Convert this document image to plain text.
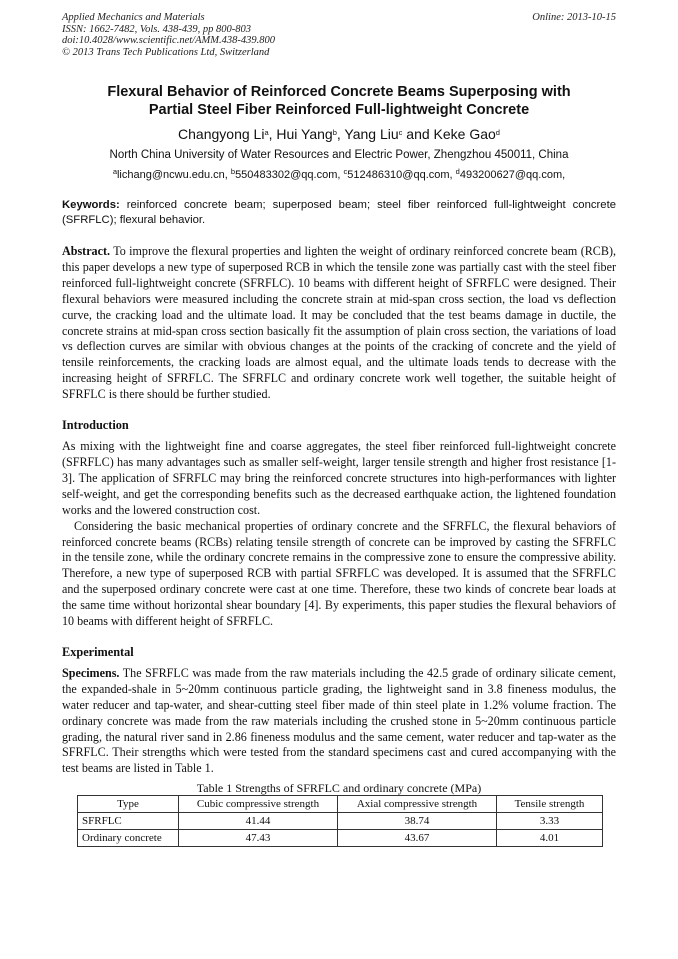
Applied Mechanics and Materials
ISSN: 1662-7482, Vols. 438-439, pp 800-803
doi:10.4028/www.scientific.net/AMM.438-439.800
© 2013 Trans Tech Publications Ltd, Switzerland
Online: 2013-10-15
Flexural Behavior of Reinforced Concrete Beams Superposing with
Partial Steel Fiber Reinforced Full-lightweight Concrete
Changyong Li$^a$, Hui Yang$^b$, Yang Liu$^c$ and Keke Gao$^d$
North China University of Water Resources and Electric Power, Zhengzhou 450011, China
$^a$lichang@ncwu.edu.cn, $^b$550483302@qq.com, $^c$512486310@qq.com, $^d$493200627@qq.com,
Keywords: reinforced concrete beam; superposed beam; steel fiber reinforced full-lightweight concrete (SFRFLC); flexural behavior.

Abstract. To improve the flexural properties and lighten the weight of ordinary reinforced concrete beam (RCB), this paper develops a new type of superposed RCB in which the tensile zone was partially cast with the steel fiber reinforced full-lightweight concrete (SFRFLC). 10 beams with different height of SFRFLC were designed. Their flexural behaviors were measured including the concrete strain at mid-span cross section, the load vs deflection curve, the cracking load and the ultimate load. It may be concluded that the test beams damage in ductile, the concrete strains at mid-span cross section basically fit the assumption of plain cross section, the variations of load vs deflection curves are similar with obvious changes at the points of the cracking of concrete and the yield of tensile reinforcements, the cracking loads are almost equal, and the ultimate loads tends to decrease with the increasing height of SFRFLC. The SFRFLC and ordinary concrete work well together, the suitable height of SFRFLC is there should be further studied.

Introduction

As mixing with the lightweight fine and coarse aggregates, the steel fiber reinforced full-lightweight concrete (SFRFLC) has many advantages such as smaller self-weight, larger tensile strength and higher frost resistance [1-3]. The application of SFRFLC may bring the reinforced concrete structures into high-performances with lighter self-weight, and get the corresponding benefits such as the decreased earthquake action, the lightened foundation works and the lowered construction cost.

Considering the basic mechanical properties of ordinary concrete and the SFRFLC, the flexural behaviors of reinforced concrete beams (RCBs) relating tensile strength of concrete can be improved by casting the SFRFLC in the tensile zone, while the ordinary concrete remains in the compressive zone to ensure the compressive ability. Therefore, a new type of superposed RCB with partial SFRFLC was developed. It is assumed that the SFRFLC and the superposed ordinary concrete were cast at one time. Therefore, these two kinds of concrete bear loads at the same time without horizontal shear boundary [4]. By experiments, this paper studies the flexural behaviors of 10 beams with different height of SFRFLC.

Experimental

Specimens. The SFRFLC was made from the raw materials including the 42.5 grade of ordinary silicate cement, the expanded-shale in 5~20mm continuous particle grading, the lightweight sand in 3.8 fineness modulus, the water reducer and tap-water, and shear-cutting steel fiber made of thin steel plate in 1.2% volume fraction. The ordinary concrete was made from the raw materials including the crushed stone in 5~20mm continuous particle grading, the natural river sand in 2.86 fineness modulus and the same cement, water reducer and tap-water as the SFRFLC. Their strengths which were tested from the standard specimens cast and cured accompanying with the test beams are listed in Table 1.

Table 1 Strengths of SFRFLC and ordinary concrete (MPa)
Type	Cubic compressive strength	Axial compressive strength	Tensile strength
SFRFLC	41.44	38.74	3.33
Ordinary concrete	47.43	43.67	4.01
